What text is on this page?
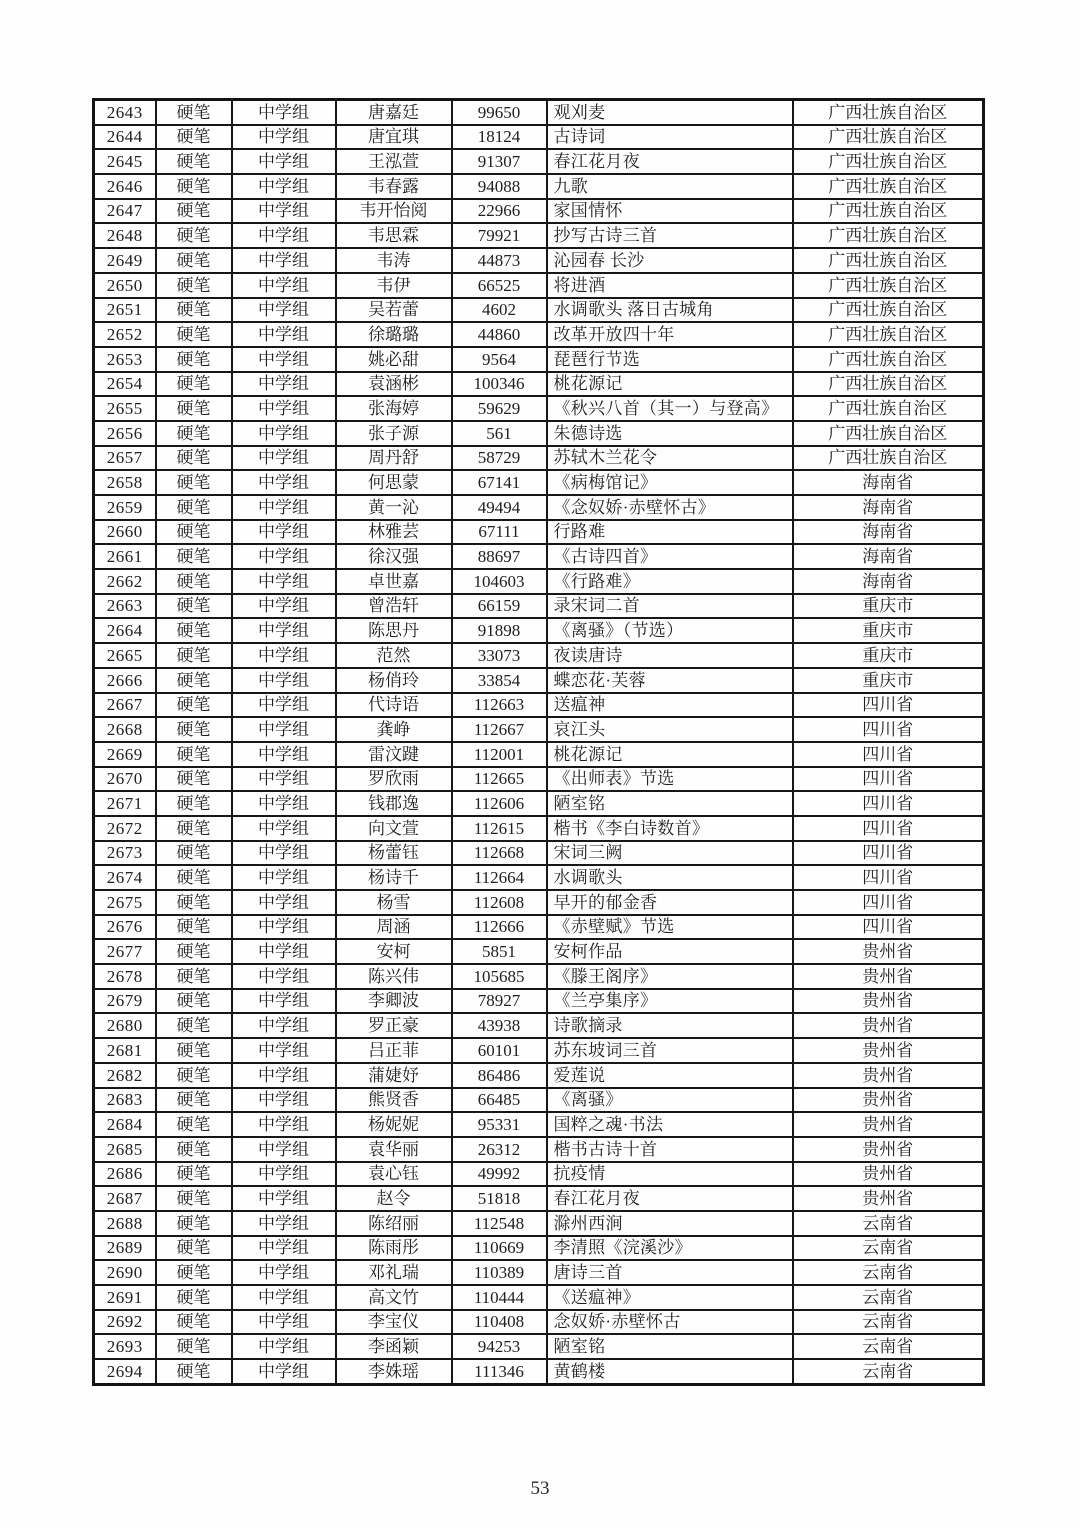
2643	硬笔	中学组	唐嘉廷	99650	观刈麦	广西壮族自治区
2644	硬笔	中学组	唐宜琪	18124	古诗词	广西壮族自治区
2645	硬笔	中学组	王泓萱	91307	春江花月夜	广西壮族自治区
2646	硬笔	中学组	韦春露	94088	九歌	广西壮族自治区
2647	硬笔	中学组	韦开怡阅	22966	家国情怀	广西壮族自治区
2648	硬笔	中学组	韦思霖	79921	抄写古诗三首	广西壮族自治区
2649	硬笔	中学组	韦涛	44873	沁园春 长沙	广西壮族自治区
2650	硬笔	中学组	韦伊	66525	将进酒	广西壮族自治区
2651	硬笔	中学组	吴若蕾	4602	水调歌头 落日古城角	广西壮族自治区
2652	硬笔	中学组	徐璐璐	44860	改革开放四十年	广西壮族自治区
2653	硬笔	中学组	姚必甜	9564	琵琶行节选	广西壮族自治区
2654	硬笔	中学组	袁涵彬	100346	桃花源记	广西壮族自治区
2655	硬笔	中学组	张海婷	59629	《秋兴八首（其一）与登高》	广西壮族自治区
2656	硬笔	中学组	张子源	561	朱德诗选	广西壮族自治区
2657	硬笔	中学组	周丹舒	58729	苏轼木兰花令	广西壮族自治区
2658	硬笔	中学组	何思蒙	67141	《病梅馆记》	海南省
2659	硬笔	中学组	黄一沁	49494	《念奴娇·赤壁怀古》	海南省
2660	硬笔	中学组	林雅芸	67111	行路难	海南省
2661	硬笔	中学组	徐汉强	88697	《古诗四首》	海南省
2662	硬笔	中学组	卓世嘉	104603	《行路难》	海南省
2663	硬笔	中学组	曾浩轩	66159	录宋词二首	重庆市
2664	硬笔	中学组	陈思丹	91898	《离骚》（节选）	重庆市
2665	硬笔	中学组	范然	33073	夜读唐诗	重庆市
2666	硬笔	中学组	杨俏玲	33854	蝶恋花·芙蓉	重庆市
2667	硬笔	中学组	代诗语	112663	送瘟神	四川省
2668	硬笔	中学组	龚峥	112667	哀江头	四川省
2669	硬笔	中学组	雷汶踺	112001	桃花源记	四川省
2670	硬笔	中学组	罗欣雨	112665	《出师表》节选	四川省
2671	硬笔	中学组	钱郡逸	112606	陋室铭	四川省
2672	硬笔	中学组	向文萱	112615	楷书《李白诗数首》	四川省
2673	硬笔	中学组	杨蕾钰	112668	宋词三阙	四川省
2674	硬笔	中学组	杨诗千	112664	水调歌头	四川省
2675	硬笔	中学组	杨雪	112608	早开的郁金香	四川省
2676	硬笔	中学组	周涵	112666	《赤壁赋》节选	四川省
2677	硬笔	中学组	安柯	5851	安柯作品	贵州省
2678	硬笔	中学组	陈兴伟	105685	《滕王阁序》	贵州省
2679	硬笔	中学组	李卿波	78927	《兰亭集序》	贵州省
2680	硬笔	中学组	罗正豪	43938	诗歌摘录	贵州省
2681	硬笔	中学组	吕正菲	60101	苏东坡词三首	贵州省
2682	硬笔	中学组	蒲婕妤	86486	爱莲说	贵州省
2683	硬笔	中学组	熊贤香	66485	《离骚》	贵州省
2684	硬笔	中学组	杨妮妮	95331	国粹之魂·书法	贵州省
2685	硬笔	中学组	袁华丽	26312	楷书古诗十首	贵州省
2686	硬笔	中学组	袁心钰	49992	抗疫情	贵州省
2687	硬笔	中学组	赵令	51818	春江花月夜	贵州省
2688	硬笔	中学组	陈绍丽	112548	滁州西涧	云南省
2689	硬笔	中学组	陈雨彤	110669	李清照《浣溪沙》	云南省
2690	硬笔	中学组	邓礼瑞	110389	唐诗三首	云南省
2691	硬笔	中学组	高文竹	110444	《送瘟神》	云南省
2692	硬笔	中学组	李宝仪	110408	念奴娇·赤壁怀古	云南省
2693	硬笔	中学组	李函颖	94253	陋室铭	云南省
2694	硬笔	中学组	李姝瑶	111346	黄鹤楼	云南省
53
